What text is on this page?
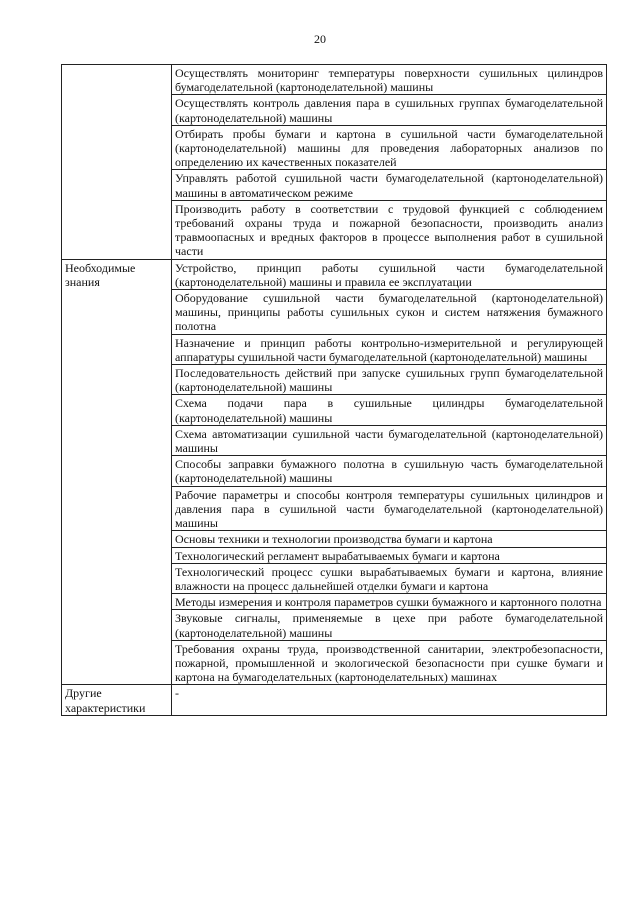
20
	Осуществлять мониторинг температуры поверхности сушильных цилиндров бумагоделательной (картоноделательной) машины
	Осуществлять контроль давления пара в сушильных группах бумагоделательной (картоноделательной) машины
	Отбирать пробы бумаги и картона в сушильной части бумагоделательной (картоноделательной) машины для проведения лабораторных анализов по определению их качественных показателей
	Управлять работой сушильной части бумагоделательной (картоноделательной) машины в автоматическом режиме
	Производить работу в соответствии с трудовой функцией с соблюдением требований охраны труда и пожарной безопасности, производить анализ травмоопасных и вредных факторов в процессе выполнения работ в сушильной части
Необходимые знания	Устройство, принцип работы сушильной части бумагоделательной (картоноделательной) машины и правила ее эксплуатации
	Оборудование сушильной части бумагоделательной (картоноделательной) машины, принципы работы сушильных сукон и систем натяжения бумажного полотна
	Назначение и принцип работы контрольно-измерительной и регулирующей аппаратуры сушильной части бумагоделательной (картоноделательной) машины
	Последовательность действий при запуске сушильных групп бумагоделательной (картоноделательной) машины
	Схема подачи пара в сушильные цилиндры бумагоделательной (картоноделательной) машины
	Схема автоматизации сушильной части бумагоделательной (картоноделательной) машины
	Способы заправки бумажного полотна в сушильную часть бумагоделательной (картоноделательной) машины
	Рабочие параметры и способы контроля температуры сушильных цилиндров и давления пара в сушильной части бумагоделательной (картоноделательной) машины
	Основы техники и технологии производства бумаги и картона
	Технологический регламент вырабатываемых бумаги и картона
	Технологический процесс сушки вырабатываемых бумаги и картона, влияние влажности на процесс дальнейшей отделки бумаги и картона
	Методы измерения и контроля параметров сушки бумажного и картонного полотна
	Звуковые сигналы, применяемые в цехе при работе бумагоделательной (картоноделательной) машины
	Требования охраны труда, производственной санитарии, электробезопасности, пожарной, промышленной и экологической безопасности при сушке бумаги и картона на бумагоделательных (картоноделательных) машинах
Другие характеристики	-
